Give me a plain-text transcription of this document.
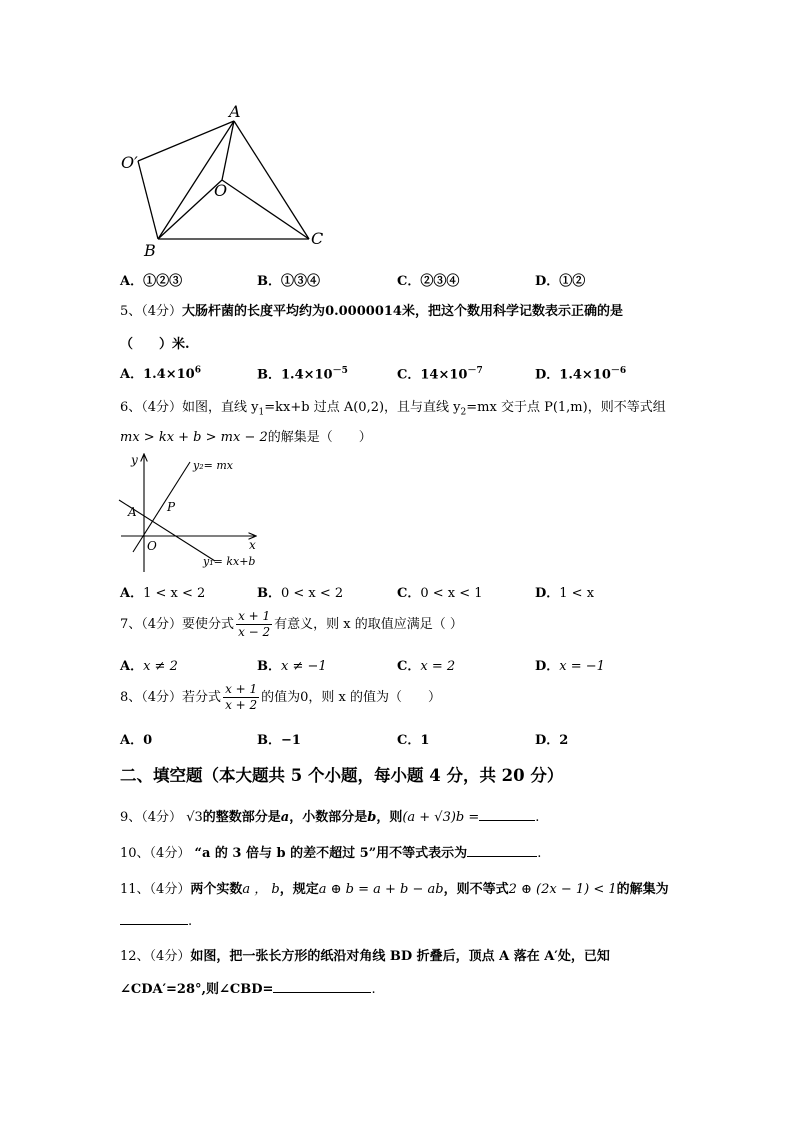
A
O′
O
B
C
A．①②③	B．①③④	C．②③④	D．①②
5、（4分）大肠杆菌的长度平均约为0.0000014米，把这个数用科学记数表示正确的是
（　　）米.
A．$1.4\times 10^6$	B．$1.4\times 10^{-5}$	C．$14\times 10^{-7}$	D．$1.4\times 10^{-6}$
6、（4分）如图，直线 $y_1=kx+b$ 过点 A(0,2)，且与直线 $y_2=mx$ 交于点 P(1,m)，则不等式组
mx > kx + b > mx − 2的解集是（　　）
y
x
O
A	P
y₂= mx
y₁= kx+b
A．1 < x < 2	B．0 < x < 2	C．0 < x < 1	D．1 < x
7、（4分）要使分式 $\frac{x + 1}{x - 2}$ 有意义，则 x 的取值应满足（ ）
A．x ≠ 2	B．x ≠ −1	C．x = 2	D．x = −1
8、（4分）若分式 $\frac{x + 1}{x + 2}$ 的值为0，则 x 的值为（　　）
A．0	B．−1	C．1	D．2
二、填空题（本大题共 5 个小题，每小题 4 分，共 20 分）
9、（4分） √3的整数部分是a，小数部分是b，则(a + √3)b =	.
10、（4分） “a 的 3 倍与 b 的差不超过 5”用不等式表示为	.
11、（4分）两个实数a ， b，规定a ⊕ b = a + b − ab，则不等式2 ⊕ (2x − 1) < 1的解集为
.
12、（4分）如图，把一张长方形的纸沿对角线 BD 折叠后，顶点 A 落在 A′处，已知
∠CDA′=28°,则∠CBD=	.
